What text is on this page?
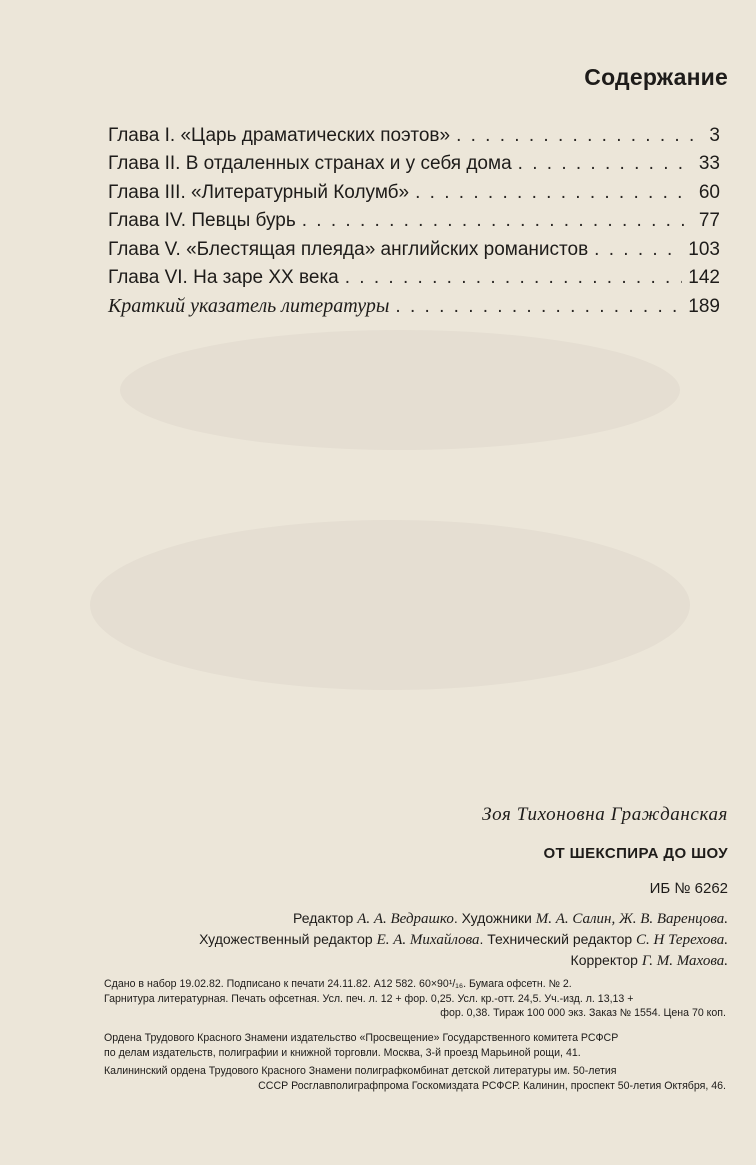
Содержание
Глава I. «Царь драматических поэтов» . . .	3
Глава II. В отдаленных странах и у себя дома . . .	33
Глава III. «Литературный Колумб» . . .	60
Глава IV. Певцы бурь . . .	77
Глава V. «Блестящая плеяда» английских романистов . . .	103
Глава VI. На заре XX века . . .	142
Краткий указатель литературы . . .	189
Зоя Тихоновна Гражданская
ОТ ШЕКСПИРА ДО ШОУ
ИБ № 6262
Редактор А. А. Ведрашко. Художники М. А. Салин, Ж. В. Варенцова.
Художественный редактор Е. А. Михайлова. Технический редактор С. Н Терехова.
Корректор Г. М. Махова.

Сдано в набор 19.02.82. Подписано к печати 24.11.82. А12 582. 60×90¹/₁₆. Бумага офсетн. № 2.

Гарнитура литературная. Печать офсетная. Усл. печ. л. 12 + фор. 0,25. Усл. кр.-отт. 24,5. Уч.-изд. л. 13,13 +

фор. 0,38. Тираж 100 000 экз. Заказ № 1554. Цена 70 коп.

Ордена Трудового Красного Знамени издательство «Просвещение» Государственного комитета РСФСР

по делам издательств, полиграфии и книжной торговли. Москва, 3-й проезд Марьиной рощи, 41.

Калининский ордена Трудового Красного Знамени полиграфкомбинат детской литературы им. 50-летия

СССР Росглавполиграфпрома Госкомиздата РСФСР. Калинин, проспект 50-летия Октября, 46.
